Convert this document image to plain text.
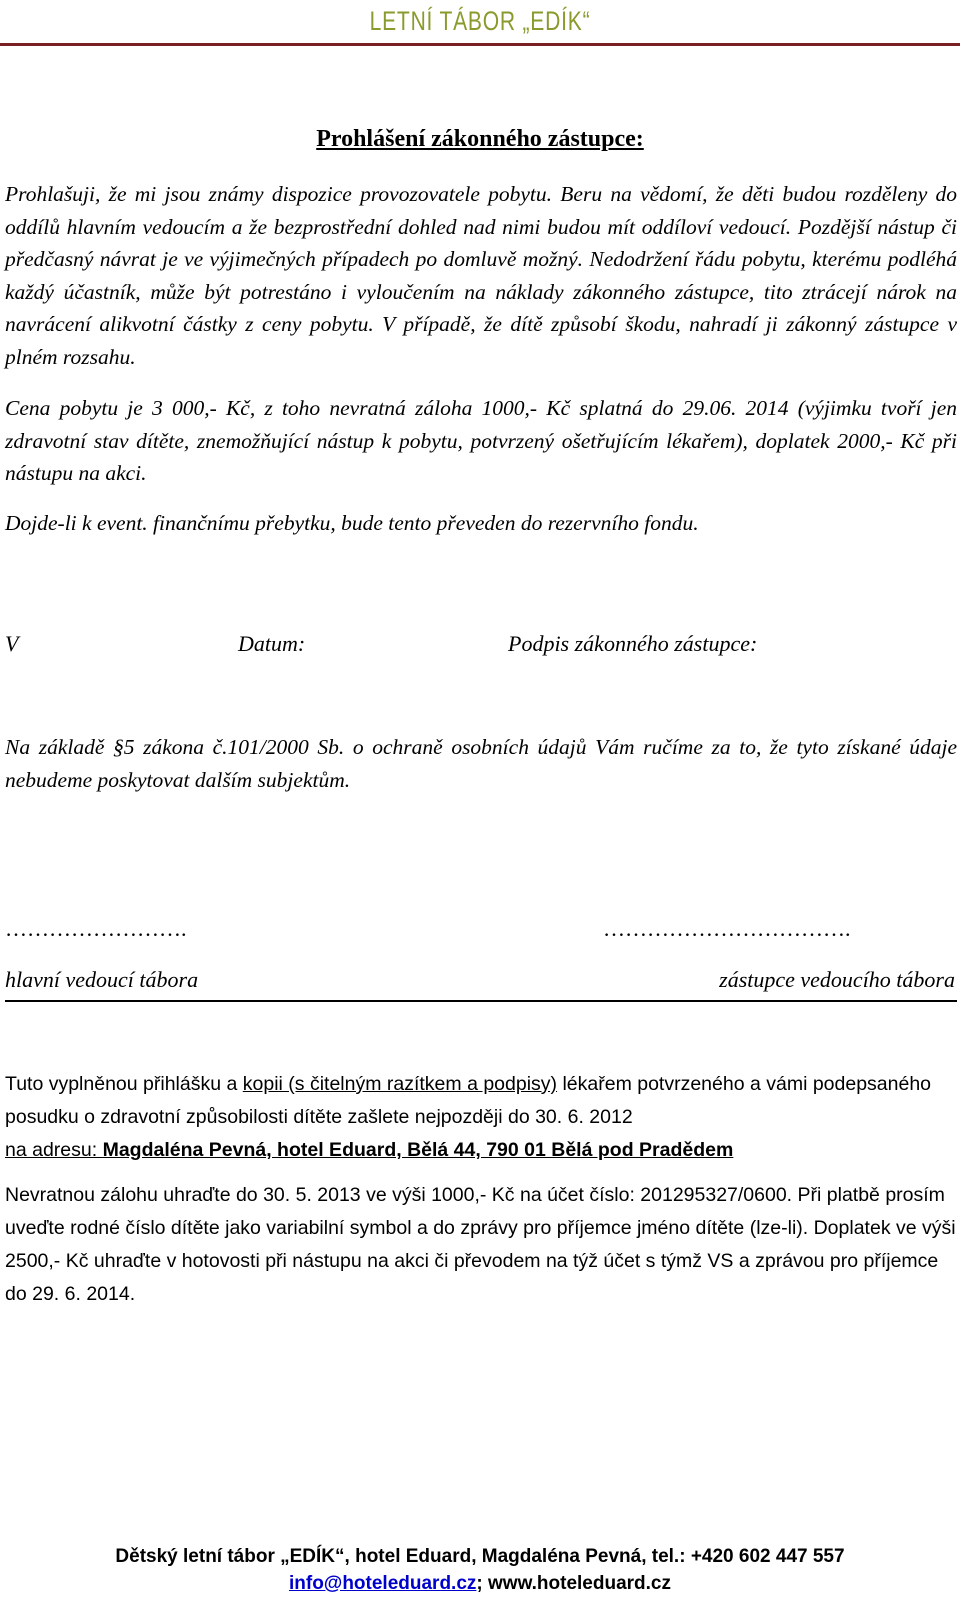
LETNÍ TÁBOR „EDÍK“
Prohlášení zákonného zástupce:
Prohlašuji, že mi jsou známy dispozice provozovatele pobytu. Beru na vědomí, že děti budou rozděleny do oddílů hlavním vedoucím a že bezprostřední dohled nad nimi budou mít oddíloví vedoucí. Pozdější nástup či předčasný návrat je ve výjimečných případech po domluvě možný. Nedodržení řádu pobytu, kterému podléhá každý účastník, může být potrestáno i vyloučením na náklady zákonného zástupce, tito ztrácejí nárok na navrácení alikvotní částky z ceny pobytu. V případě, že dítě způsobí škodu, nahradí ji zákonný zástupce v plném rozsahu.
Cena pobytu je 3 000,- Kč, z toho nevratná záloha 1000,- Kč splatná do 29.06. 2014 (výjimku tvoří jen zdravotní stav dítěte, znemožňující nástup k pobytu, potvrzený ošetřujícím lékařem), doplatek 2000,- Kč při nástupu na akci.
Dojde-li k event. finančnímu přebytku, bude tento převeden do rezervního fondu.
V	Datum:	Podpis zákonného zástupce:
Na základě §5 zákona č.101/2000 Sb. o ochraně osobních údajů Vám ručíme za to, že tyto získané údaje nebudeme poskytovat dalším subjektům.
…………………….	…………………………….
hlavní vedoucí tábora	zástupce vedoucího tábora
Tuto vyplněnou přihlášku a kopii (s čitelným razítkem a podpisy) lékařem potvrzeného a vámi podepsaného posudku o zdravotní způsobilosti dítěte zašlete nejpozději do 30. 6. 2012
na adresu: Magdaléna Pevná, hotel Eduard, Bělá 44, 790 01 Bělá pod Pradědem
Nevratnou zálohu uhraďte do 30. 5. 2013 ve výši 1000,- Kč na účet číslo: 201295327/0600. Při platbě prosím uveďte rodné číslo dítěte jako variabilní symbol a do zprávy pro příjemce jméno dítěte (lze-li). Doplatek ve výši 2500,- Kč uhraďte v hotovosti při nástupu na akci či převodem na týž účet s týmž VS a zprávou pro příjemce do 29. 6. 2014.
Dětský letní tábor „EDÍK“, hotel Eduard, Magdaléna Pevná, tel.: +420 602 447 557
info@hoteleduard.cz; www.hoteleduard.cz
